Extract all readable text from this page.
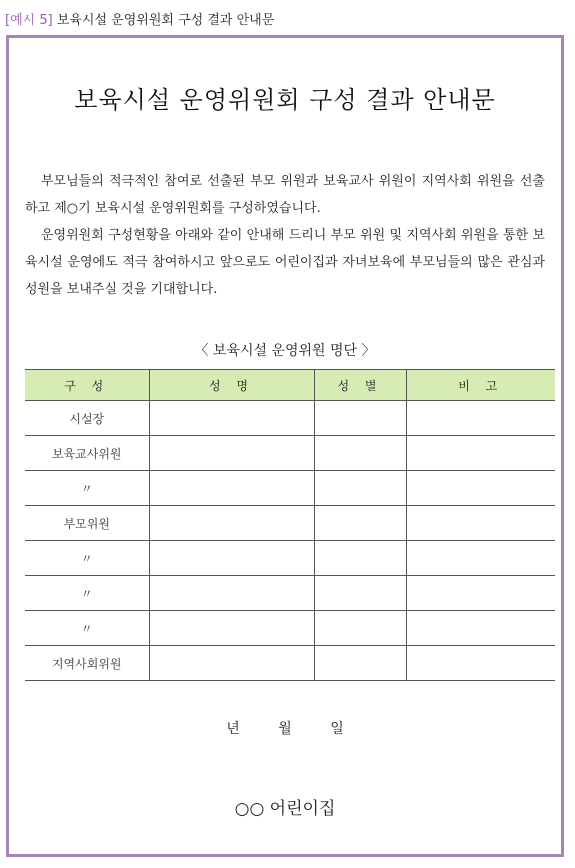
[예시 5] 보육시설 운영위원회 구성 결과 안내문
보육시설 운영위원회 구성 결과 안내문

부모님들의 적극적인 참여로 선출된 부모 위원과 보육교사 위원이 지역사회 위원을 선출하고 제○기 보육시설 운영위원회를 구성하였습니다.

운영위원회 구성현황을 아래와 같이 안내해 드리니 부모 위원 및 지역사회 위원을 통한 보육시설 운영에도 적극 참여하시고 앞으로도 어린이집과 자녀보육에 부모님들의 많은 관심과 성원을 보내주실 것을 기대합니다.

〈 보육시설 운영위원 명단 〉
구 성	성 명	성 별	비 고
시설장			
보육교사위원			
〃			
부모위원			
〃			
〃			
〃			
지역사회위원			
년 월 일
○○ 어린이집
